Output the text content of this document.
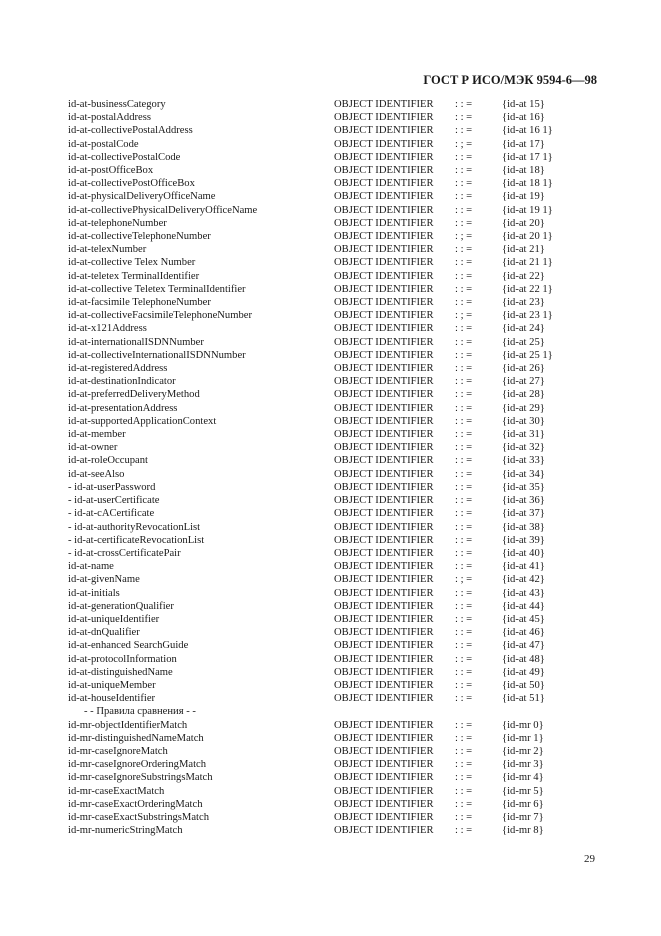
ГОСТ Р ИСО/МЭК 9594-6—98
id-at-businessCategory	OBJECT IDENTIFIER	: : =	{id-at 15}
id-at-postalAddress	OBJECT IDENTIFIER	: : =	{id-at 16}
id-at-collectivePostalAddress	OBJECT IDENTIFIER	: : =	{id-at 16 1}
id-at-postalCode	OBJECT IDENTIFIER	: ; =	{id-at 17}
id-at-collectivePostalCode	OBJECT IDENTIFIER	: : =	{id-at 17 1}
id-at-postOfficeBox	OBJECT IDENTIFIER	: : =	{id-at 18}
id-at-collectivePostOfficeBox	OBJECT IDENTIFIER	: : =	{id-at 18 1}
id-at-physicalDeliveryOfficeName	OBJECT IDENTIFIER	: : =	{id-at 19}
id-at-collectivePhysicalDeliveryOfficeName	OBJECT IDENTIFIER	: : =	{id-at 19 1}
id-at-telephoneNumber	OBJECT IDENTIFIER	: : =	{id-at 20}
id-at-collectiveTelephoneNumber	OBJECT IDENTIFIER	: ; =	{id-at 20 1}
id-at-telexNumber	OBJECT IDENTIFIER	: : =	{id-at 21}
id-at-collective Telex Number	OBJECT IDENTIFIER	: : =	{id-at 21 1}
id-at-teletex TerminalIdentifier	OBJECT IDENTIFIER	: : =	{id-at 22}
id-at-collective Teletex TerminalIdentifier	OBJECT IDENTIFIER	: : =	{id-at 22 1}
id-at-facsimile TelephoneNumber	OBJECT IDENTIFIER	: : =	{id-at 23}
id-at-collectiveFacsimileTelephoneNumber	OBJECT IDENTIFIER	: ; =	{id-at 23 1}
id-at-x121Address	OBJECT IDENTIFIER	: : =	{id-at 24}
id-at-internationalISDNNumber	OBJECT IDENTIFIER	: : =	{id-at 25}
id-at-collectiveInternationalISDNNumber	OBJECT IDENTIFIER	: : =	{id-at 25 1}
id-at-registeredAddress	OBJECT IDENTIFIER	: : =	{id-at 26}
id-at-destinationIndicator	OBJECT IDENTIFIER	: : =	{id-at 27}
id-at-preferredDeliveryMethod	OBJECT IDENTIFIER	: : =	{id-at 28}
id-at-presentationAddress	OBJECT IDENTIFIER	: : =	{id-at 29}
id-at-supportedApplicationContext	OBJECT IDENTIFIER	: : =	{id-at 30}
id-at-member	OBJECT IDENTIFIER	: : =	{id-at 31}
id-at-owner	OBJECT IDENTIFIER	: : =	{id-at 32}
id-at-roleOccupant	OBJECT IDENTIFIER	: : =	{id-at 33}
id-at-seeAlso	OBJECT IDENTIFIER	: : =	{id-at 34}
- id-at-userPassword	OBJECT IDENTIFIER	: : =	{id-at 35}
- id-at-userCertificate	OBJECT IDENTIFIER	: : =	{id-at 36}
- id-at-cACertificate	OBJECT IDENTIFIER	: : =	{id-at 37}
- id-at-authorityRevocationList	OBJECT IDENTIFIER	: : =	{id-at 38}
- id-at-certificateRevocationList	OBJECT IDENTIFIER	: : =	{id-at 39}
- id-at-crossCertificatePair	OBJECT IDENTIFIER	: : =	{id-at 40}
id-at-name	OBJECT IDENTIFIER	: : =	{id-at 41}
id-at-givenName	OBJECT IDENTIFIER	: ; =	{id-at 42}
id-at-initials	OBJECT IDENTIFIER	: : =	{id-at 43}
id-at-generationQualifier	OBJECT IDENTIFIER	: : =	{id-at 44}
id-at-uniqueIdentifier	OBJECT IDENTIFIER	: : =	{id-at 45}
id-at-dnQualifier	OBJECT IDENTIFIER	: : =	{id-at 46}
id-at-enhanced SearchGuide	OBJECT IDENTIFIER	: : =	{id-at 47}
id-at-protocolInformation	OBJECT IDENTIFIER	: : =	{id-at 48}
id-at-distinguishedName	OBJECT IDENTIFIER	: : =	{id-at 49}
id-at-uniqueMember	OBJECT IDENTIFIER	: : =	{id-at 50}
id-at-houseIdentifier	OBJECT IDENTIFIER	: : =	{id-at 51}
- - Правила сравнения - -			
id-mr-objectIdentifierMatch	OBJECT IDENTIFIER	: : =	{id-mr 0}
id-mr-distinguishedNameMatch	OBJECT IDENTIFIER	: : =	{id-mr 1}
id-mr-caseIgnoreMatch	OBJECT IDENTIFIER	: : =	{id-mr 2}
id-mr-caseIgnoreOrderingMatch	OBJECT IDENTIFIER	: : =	{id-mr 3}
id-mr-caseIgnoreSubstringsMatch	OBJECT IDENTIFIER	: : =	{id-mr 4}
id-mr-caseExactMatch	OBJECT IDENTIFIER	: : =	{id-mr 5}
id-mr-caseExactOrderingMatch	OBJECT IDENTIFIER	: : =	{id-mr 6}
id-mr-caseExactSubstringsMatch	OBJECT IDENTIFIER	: : =	{id-mr 7}
id-mr-numericStringMatch	OBJECT IDENTIFIER	: : =	{id-mr 8}
29
